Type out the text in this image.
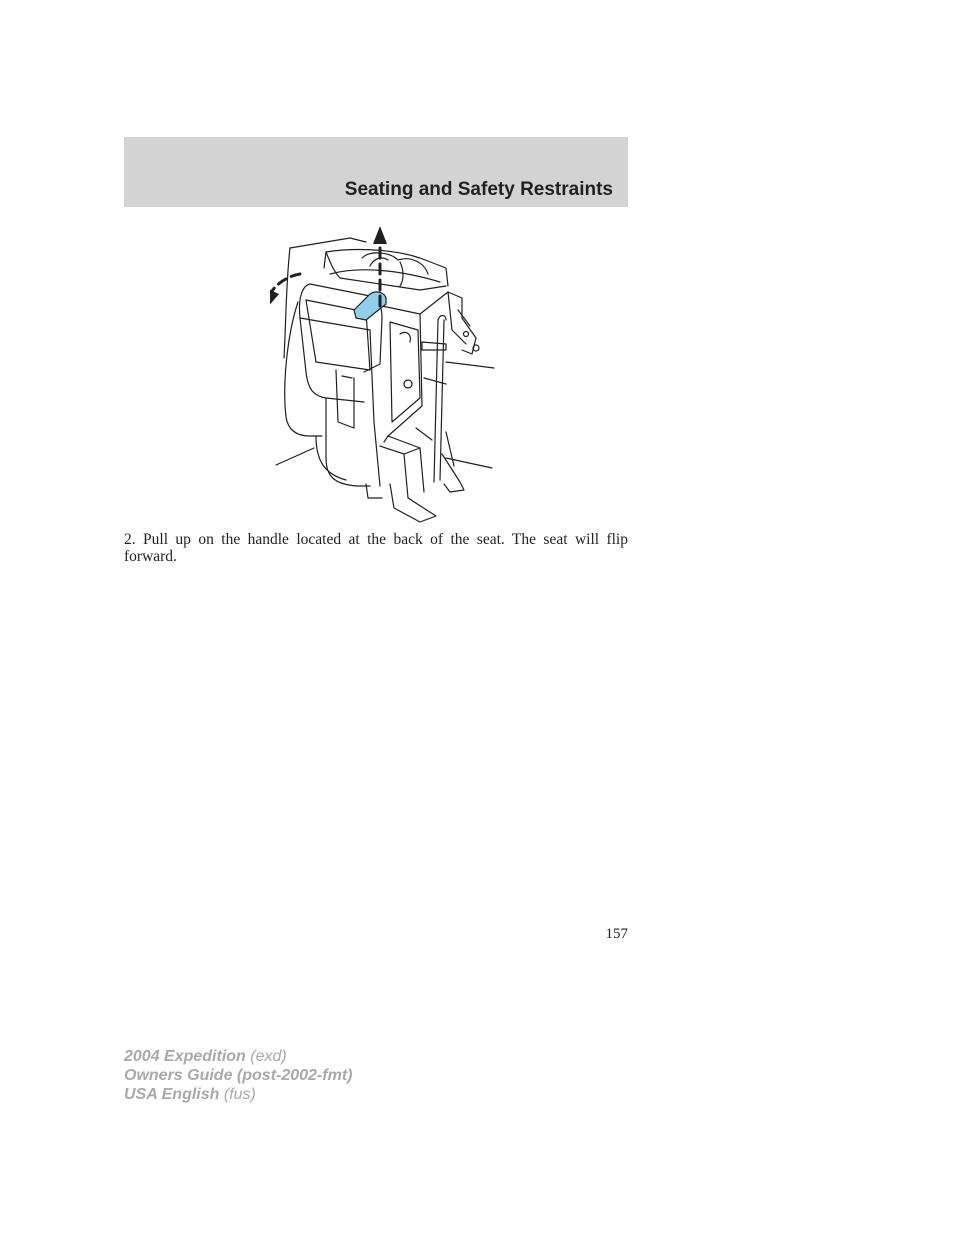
Seating and Safety Restraints

2. Pull up on the handle located at the back of the seat. The seat will flip forward.

157
2004 Expedition (exd)
Owners Guide (post-2002-fmt)
USA English (fus)
